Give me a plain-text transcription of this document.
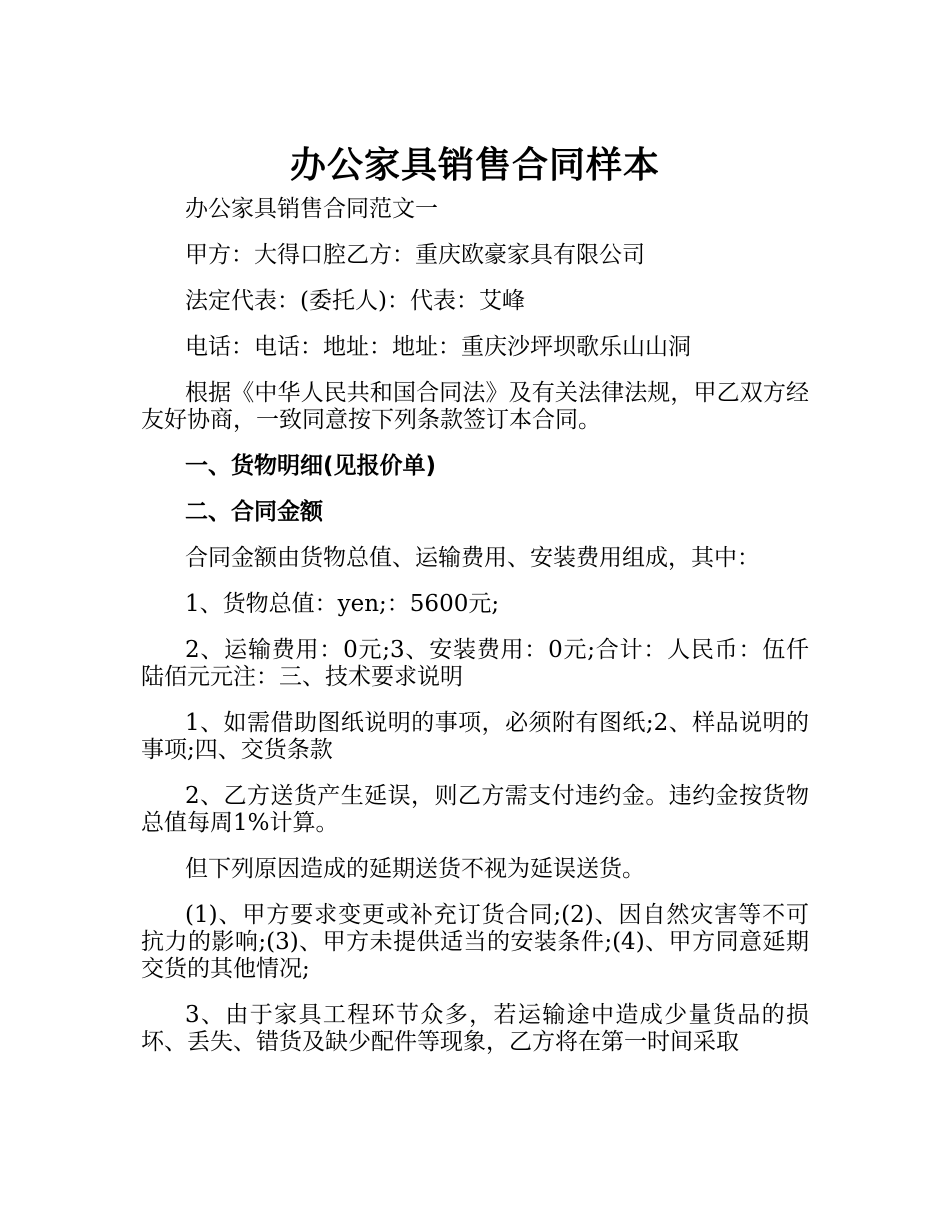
办公家具销售合同样本

办公家具销售合同范文一

甲方：大得口腔乙方：重庆欧豪家具有限公司

法定代表：(委托人)：代表：艾峰

电话：电话：地址：地址：重庆沙坪坝歌乐山山洞

根据《中华人民共和国合同法》及有关法律法规，甲乙双方经友好协商，一致同意按下列条款签订本合同。

一、货物明细(见报价单)

二、合同金额

合同金额由货物总值、运输费用、安装费用组成，其中：

1、货物总值：yen;：5600元;

2、运输费用：0元;3、安装费用：0元;合计：人民币：伍仟陆佰元元注：三、技术要求说明

1、如需借助图纸说明的事项，必须附有图纸;2、样品说明的事项;四、交货条款

2、乙方送货产生延误，则乙方需支付违约金。违约金按货物总值每周1%计算。

但下列原因造成的延期送货不视为延误送货。

(1)、甲方要求变更或补充订货合同;(2)、因自然灾害等不可抗力的影响;(3)、甲方未提供适当的安装条件;(4)、甲方同意延期交货的其他情况;

3、由于家具工程环节众多，若运输途中造成少量货品的损坏、丢失、错货及缺少配件等现象，乙方将在第一时间采取
